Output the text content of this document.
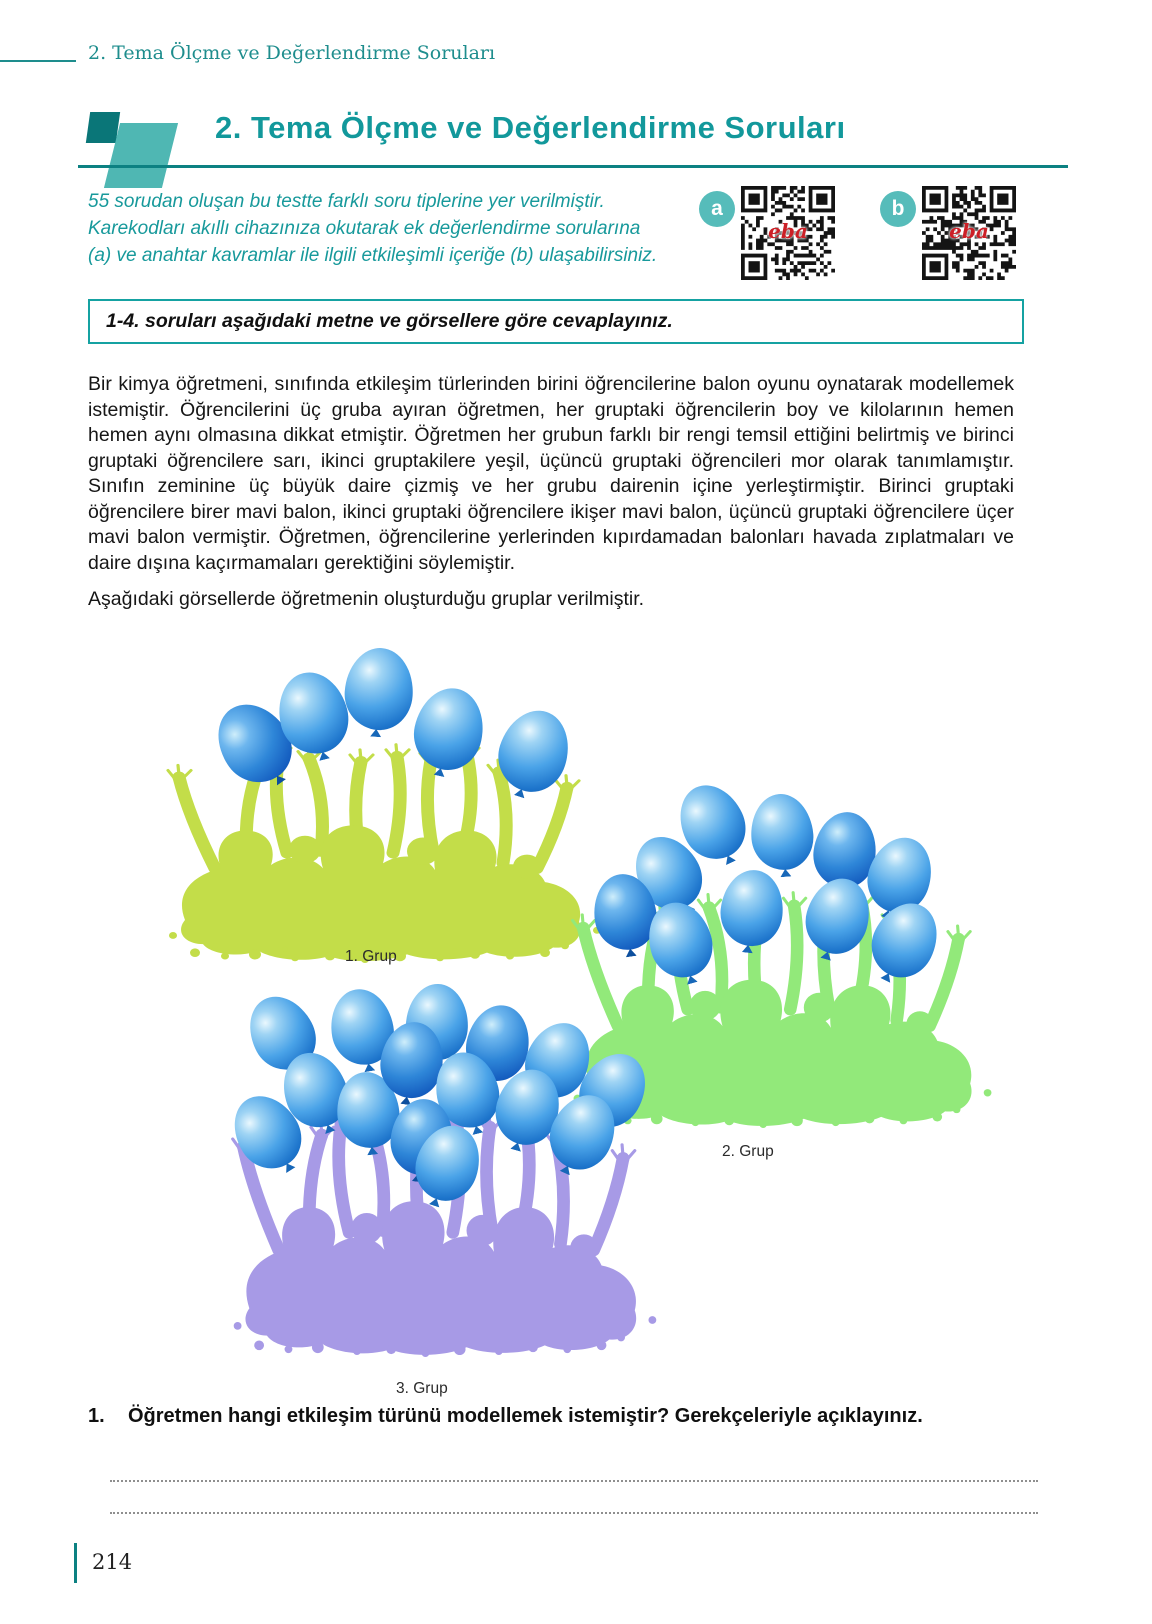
2. Tema Ölçme ve Değerlendirme Soruları
2. Tema Ölçme ve Değerlendirme Soruları
55 sorudan oluşan bu testte farklı soru tiplerine yer verilmiştir.
Karekodları akıllı cihazınıza okutarak ek değerlendirme sorularına
(a) ve anahtar kavramlar ile ilgili etkileşimli içeriğe (b) ulaşabilirsiniz.
a
eba
b
eba
1-4. soruları aşağıdaki metne ve görsellere göre cevaplayınız.

Bir kimya öğretmeni, sınıfında etkileşim türlerinden birini öğrencilerine balon oyunu oynatarak modellemek istemiştir. Öğrencilerini üç gruba ayıran öğretmen, her gruptaki öğrencilerin boy ve kilolarının hemen hemen aynı olmasına dikkat etmiştir. Öğretmen her grubun farklı bir rengi temsil ettiğini belirtmiş ve birinci gruptaki öğrencilere sarı, ikinci gruptakilere yeşil, üçüncü gruptaki öğrencileri mor olarak tanımlamıştır. Sınıfın zeminine üç büyük daire çizmiş ve her grubu dairenin içine yerleştirmiştir. Birinci gruptaki öğrencilere birer mavi balon, ikinci gruptaki öğrencilere ikişer mavi balon, üçüncü gruptaki öğrencilere üçer mavi balon vermiştir. Öğretmen, öğrencilerine yerlerinden kıpırdamadan balonları havada zıplatmaları ve daire dışına kaçırmamaları gerektiğini söylemiştir.

Aşağıdaki görsellerde öğretmenin oluşturduğu gruplar verilmiştir.

1. Grup
2. Grup
3. Grup
1. Öğretmen hangi etkileşim türünü modellemek istemiştir? Gerekçeleriyle açıklayınız.
214
